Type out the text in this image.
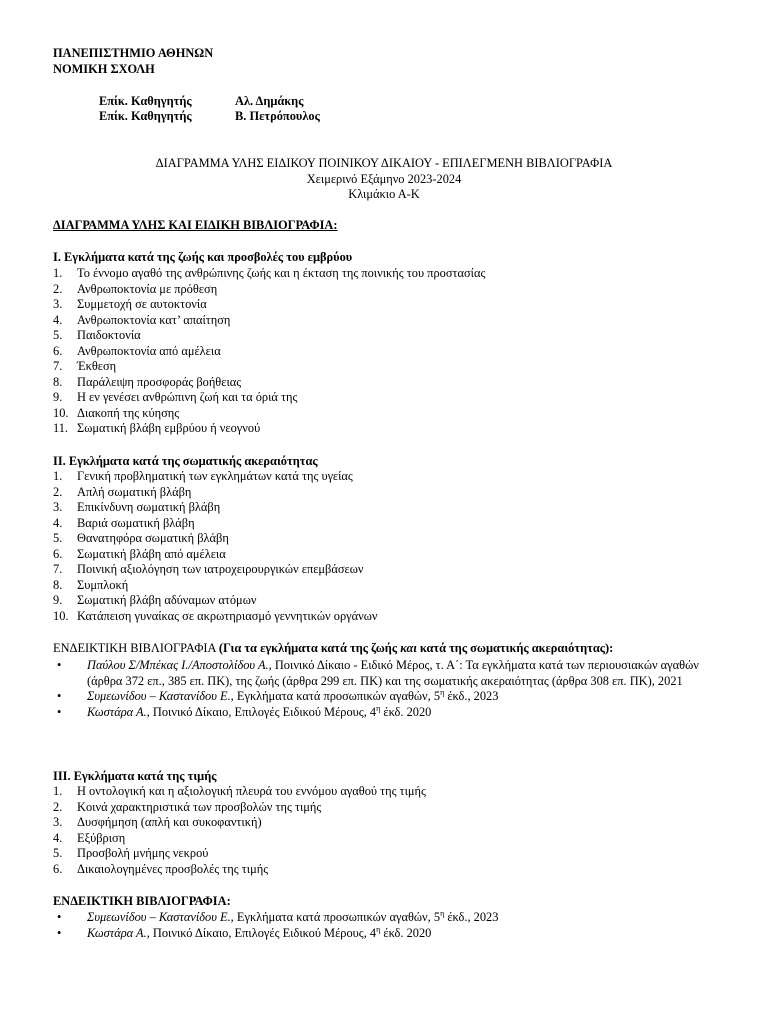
ΠΑΝΕΠΙΣΤΗΜΙΟ ΑΘΗΝΩΝ
ΝΟΜΙΚΗ ΣΧΟΛΗ
Επίκ. Καθηγητής	Αλ. Δημάκης
Επίκ. Καθηγητής	Β. Πετρόπουλος
ΔΙΑΓΡΑΜΜΑ ΥΛΗΣ ΕΙΔΙΚΟΥ ΠΟΙΝΙΚΟΥ ΔΙΚΑΙΟΥ - ΕΠΙΛΕΓΜΕΝΗ ΒΙΒΛΙΟΓΡΑΦΙΑ
Χειμερινό Εξάμηνο 2023-2024
Κλιμάκιο Α-Κ
ΔΙΑΓΡΑΜΜΑ ΥΛΗΣ ΚΑΙ ΕΙΔΙΚΗ ΒΙΒΛΙΟΓΡΑΦΙΑ:
Ι. Εγκλήματα κατά της ζωής και προσβολές του εμβρύου
1.	Το έννομο αγαθό της ανθρώπινης ζωής και η έκταση της ποινικής του προστασίας
2.	Ανθρωποκτονία με πρόθεση
3.	Συμμετοχή σε αυτοκτονία
4.	Ανθρωποκτονία κατ’ απαίτηση
5.	Παιδοκτονία
6.	Ανθρωποκτονία από αμέλεια
7.	Έκθεση
8.	Παράλειψη προσφοράς βοήθειας
9.	Η εν γενέσει ανθρώπινη ζωή και τα όριά της
10. Διακοπή της κύησης
11. Σωματική βλάβη εμβρύου ή νεογνού
ΙΙ. Εγκλήματα κατά της σωματικής ακεραιότητας
1.	Γενική προβληματική των εγκλημάτων κατά της υγείας
2.	Απλή σωματική βλάβη
3.	Επικίνδυνη σωματική βλάβη
4.	Βαριά σωματική βλάβη
5.	Θανατηφόρα σωματική βλάβη
6.	Σωματική βλάβη από αμέλεια
7.	Ποινική αξιολόγηση των ιατροχειρουργικών επεμβάσεων
8.	Συμπλοκή
9.	Σωματική βλάβη αδύναμων ατόμων
10. Κατάπειση γυναίκας σε ακρωτηριασμό γεννητικών οργάνων
ΕΝΔΕΙΚΤΙΚΗ ΒΙΒΛΙΟΓΡΑΦΙΑ (Για τα εγκλήματα κατά της ζωής και κατά της σωματικής ακεραιότητας):
•	Παύλου Σ/Μπέκας Ι./Αποστολίδου Α., Ποινικό Δίκαιο - Ειδικό Μέρος, τ. Α΄: Τα εγκλήματα κατά των περιουσιακών αγαθών (άρθρα 372 επ., 385 επ. ΠΚ), της ζωής (άρθρα 299 επ. ΠΚ) και της σωματικής ακεραιότητας (άρθρα 308 επ. ΠΚ), 2021
•	Συμεωνίδου – Καστανίδου Ε., Εγκλήματα κατά προσωπικών αγαθών, $5^\eta$ έκδ., 2023
•	Κωστάρα Α., Ποινικό Δίκαιο, Επιλογές Ειδικού Μέρους, $4^\eta$ έκδ. 2020
ΙΙΙ. Εγκλήματα κατά της τιμής
1.	Η οντολογική και η αξιολογική πλευρά του εννόμου αγαθού της τιμής
2.	Κοινά χαρακτηριστικά των προσβολών της τιμής
3.	Δυσφήμηση (απλή και συκοφαντική)
4.	Εξύβριση
5.	Προσβολή μνήμης νεκρού
6.	Δικαιολογημένες προσβολές της τιμής
ΕΝΔΕΙΚΤΙΚΗ ΒΙΒΛΙΟΓΡΑΦΙΑ:
•	Συμεωνίδου – Καστανίδου Ε., Εγκλήματα κατά προσωπικών αγαθών, $5^\eta$ έκδ., 2023
•	Κωστάρα Α., Ποινικό Δίκαιο, Επιλογές Ειδικού Μέρους, $4^\eta$ έκδ. 2020
